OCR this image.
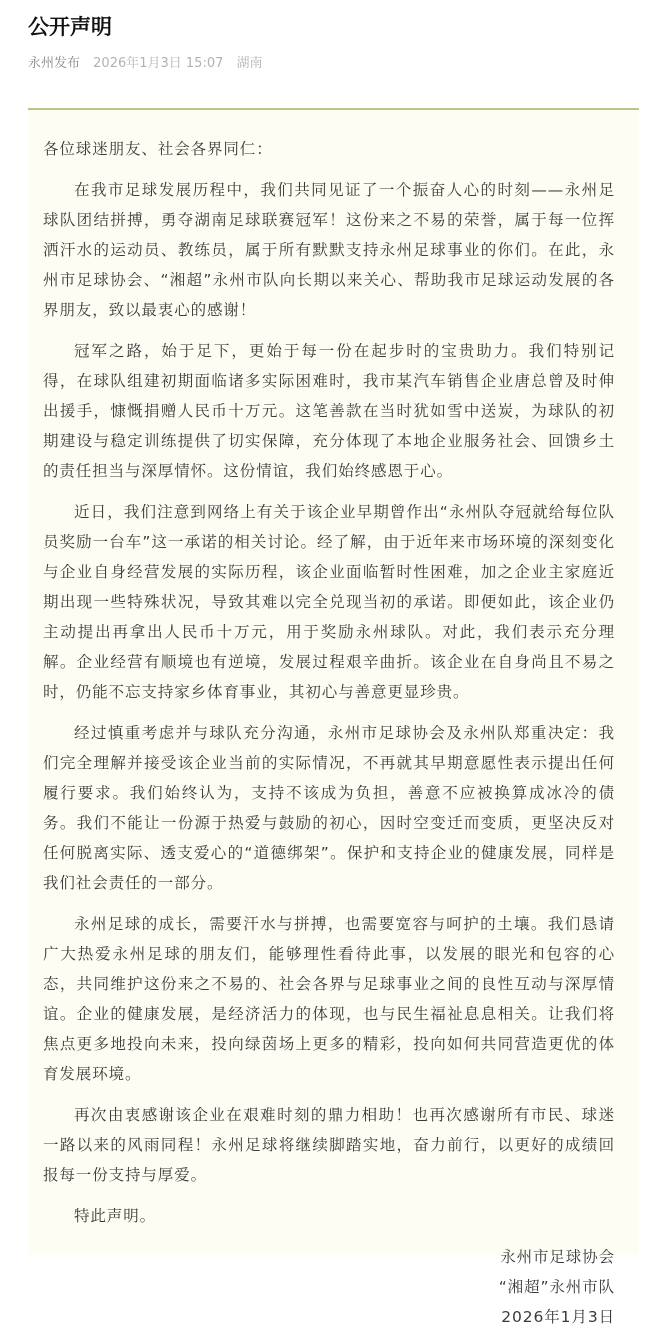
公开声明
永州发布 2026年1月3日 15:07 湖南

各位球迷朋友、社会各界同仁：

在我市足球发展历程中，我们共同见证了一个振奋人心的时刻——永州足球队团结拼搏，勇夺湖南足球联赛冠军！这份来之不易的荣誉，属于每一位挥洒汗水的运动员、教练员，属于所有默默支持永州足球事业的你们。在此，永州市足球协会、“湘超”永州市队向长期以来关心、帮助我市足球运动发展的各界朋友，致以最衷心的感谢！

冠军之路，始于足下，更始于每一份在起步时的宝贵助力。我们特别记得，在球队组建初期面临诸多实际困难时，我市某汽车销售企业唐总曾及时伸出援手，慷慨捐赠人民币十万元。这笔善款在当时犹如雪中送炭，为球队的初期建设与稳定训练提供了切实保障，充分体现了本地企业服务社会、回馈乡土的责任担当与深厚情怀。这份情谊，我们始终感恩于心。

近日，我们注意到网络上有关于该企业早期曾作出“永州队夺冠就给每位队员奖励一台车”这一承诺的相关讨论。经了解，由于近年来市场环境的深刻变化与企业自身经营发展的实际历程，该企业面临暂时性困难，加之企业主家庭近期出现一些特殊状况，导致其难以完全兑现当初的承诺。即便如此，该企业仍主动提出再拿出人民币十万元，用于奖励永州球队。对此，我们表示充分理解。企业经营有顺境也有逆境，发展过程艰辛曲折。该企业在自身尚且不易之时，仍能不忘支持家乡体育事业，其初心与善意更显珍贵。

经过慎重考虑并与球队充分沟通，永州市足球协会及永州队郑重决定：我们完全理解并接受该企业当前的实际情况，不再就其早期意愿性表示提出任何履行要求。我们始终认为，支持不该成为负担，善意不应被换算成冰冷的债务。我们不能让一份源于热爱与鼓励的初心，因时空变迁而变质，更坚决反对任何脱离实际、透支爱心的“道德绑架”。保护和支持企业的健康发展，同样是我们社会责任的一部分。

永州足球的成长，需要汗水与拼搏，也需要宽容与呵护的土壤。我们恳请广大热爱永州足球的朋友们，能够理性看待此事，以发展的眼光和包容的心态，共同维护这份来之不易的、社会各界与足球事业之间的良性互动与深厚情谊。企业的健康发展，是经济活力的体现，也与民生福祉息息相关。让我们将焦点更多地投向未来，投向绿茵场上更多的精彩，投向如何共同营造更优的体育发展环境。

再次由衷感谢该企业在艰难时刻的鼎力相助！也再次感谢所有市民、球迷一路以来的风雨同程！永州足球将继续脚踏实地，奋力前行，以更好的成绩回报每一份支持与厚爱。

特此声明。

永州市足球协会

“湘超”永州市队

2026年1月3日
